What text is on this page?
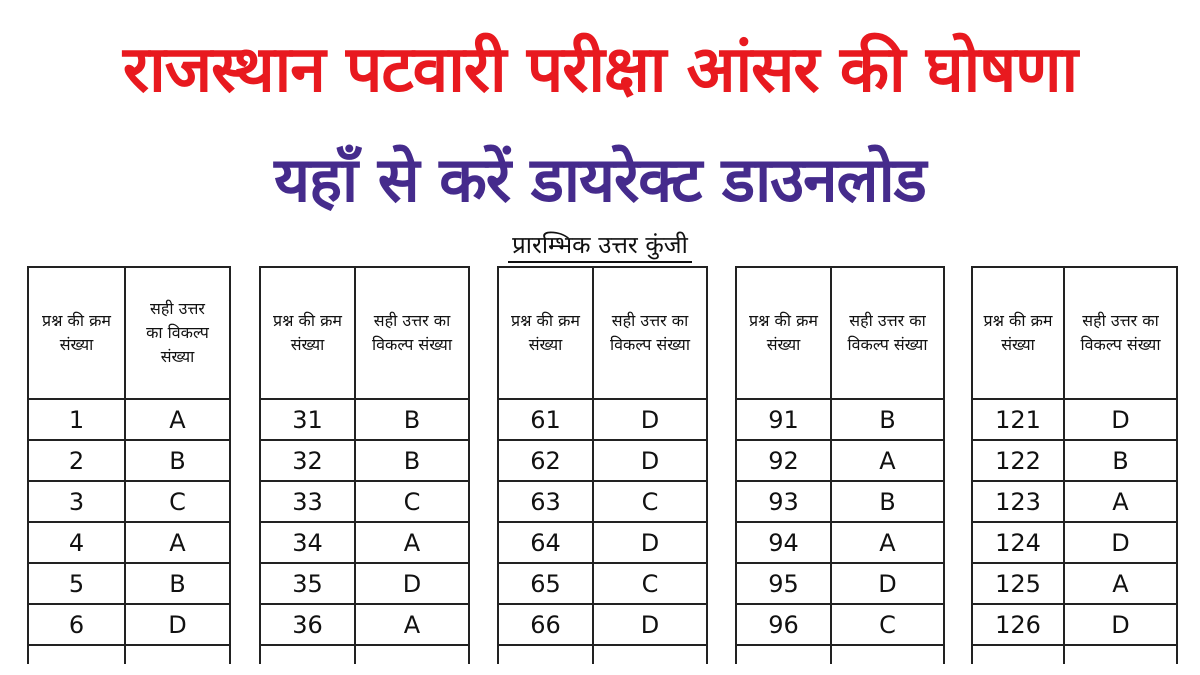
राजस्थान पटवारी परीक्षा आंसर की घोषणा
यहाँ से करें डायरेक्ट डाउनलोड
प्रारम्भिक उत्तर कुंजी
प्रश्न की क्रम संख्या	सही उत्तर का विकल्प संख्या
1	A
2	B
3	C
4	A
5	B
6	D

प्रश्न की क्रम संख्या	सही उत्तर का विकल्प संख्या
31	B
32	B
33	C
34	A
35	D
36	A

प्रश्न की क्रम संख्या	सही उत्तर का विकल्प संख्या
61	D
62	D
63	C
64	D
65	C
66	D

प्रश्न की क्रम संख्या	सही उत्तर का विकल्प संख्या
91	B
92	A
93	B
94	A
95	D
96	C

प्रश्न की क्रम संख्या	सही उत्तर का विकल्प संख्या
121	D
122	B
123	A
124	D
125	A
126	D
